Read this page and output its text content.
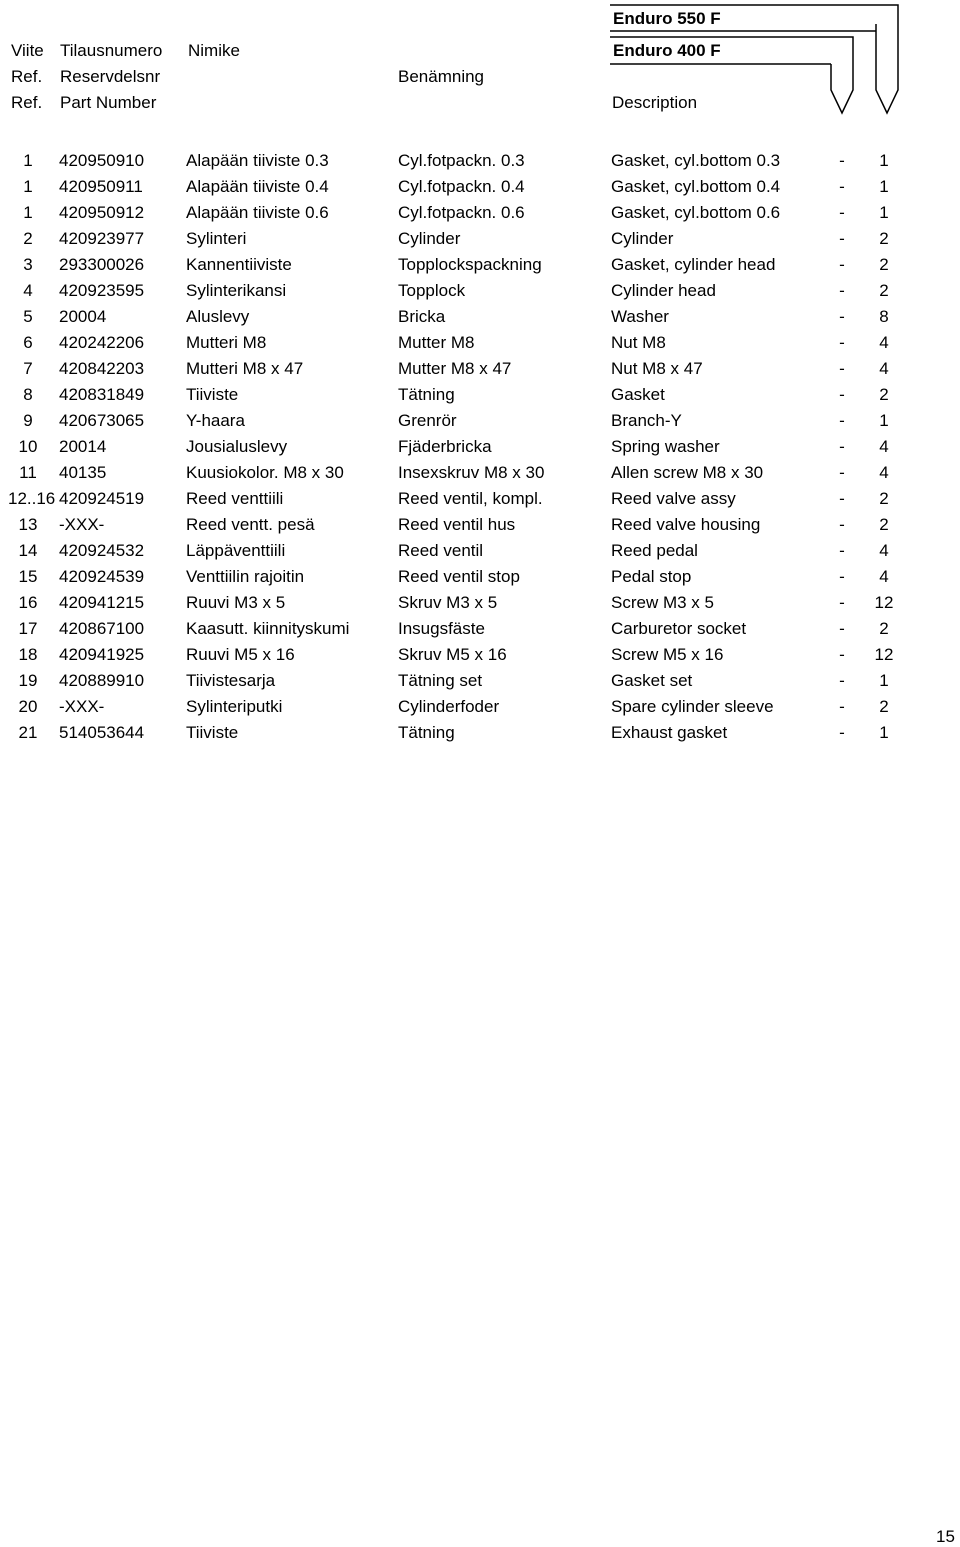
Enduro 550 F
Enduro 400 F
Viite
Ref.
Ref.
Tilausnumero
Reservdelsnr
Part Number
Nimike
Benämning
Description
1	420950910 Alapään tiiviste 0.3	Cyl.fotpackn. 0.3	Gasket, cyl.bottom 0.3	-	1
1	420950911	Alapään tiiviste 0.4	Cyl.fotpackn. 0.4	Gasket, cyl.bottom 0.4	-	1
1	420950912 Alapään tiiviste 0.6	Cyl.fotpackn. 0.6	Gasket, cyl.bottom 0.6	-	1
2	420923977 Sylinteri	Cylinder	Cylinder	-	2
3	293300026 Kannentiiviste	Topplockspackning	Gasket, cylinder head	-	2
4	420923595 Sylinterikansi	Topplock	Cylinder head	-	2
5	20004	Aluslevy	Bricka	Washer	-	8
6	420242206 Mutteri M8	Mutter M8	Nut M8	-	4
7	420842203 Mutteri M8 x 47	Mutter M8 x 47	Nut M8 x 47	-	4
8	420831849 Tiiviste	Tätning	Gasket	-	2
9	420673065 Y-haara	Grenrör	Branch-Y	-	1
10	20014	Jousialuslevy	Fjäderbricka	Spring washer	-	4
11	40135	Kuusiokolor. M8 x 30	Insexskruv M8 x 30	Allen screw M8 x 30	-	4
12..16 420924519 Reed venttiili	Reed ventil, kompl.	Reed valve assy	-	2
13	-XXX-	Reed ventt. pesä	Reed ventil hus	Reed valve housing	-	2
14	420924532 Läppäventtiili	Reed ventil	Reed pedal	-	4
15	420924539 Venttiilin rajoitin	Reed ventil stop	Pedal stop	-	4
16	420941215 Ruuvi M3 x 5	Skruv M3 x 5	Screw M3 x 5	-	12
17	420867100 Kaasutt. kiinnityskumi	Insugsfäste	Carburetor socket	-	2
18	420941925 Ruuvi M5 x 16	Skruv M5 x 16	Screw M5 x 16	-	12
19	420889910 Tiivistesarja	Tätning set	Gasket set	-	1
20	-XXX-	Sylinteriputki	Cylinderfoder	Spare cylinder sleeve	-	2
21	514053644 Tiiviste	Tätning	Exhaust gasket	-	1
15
